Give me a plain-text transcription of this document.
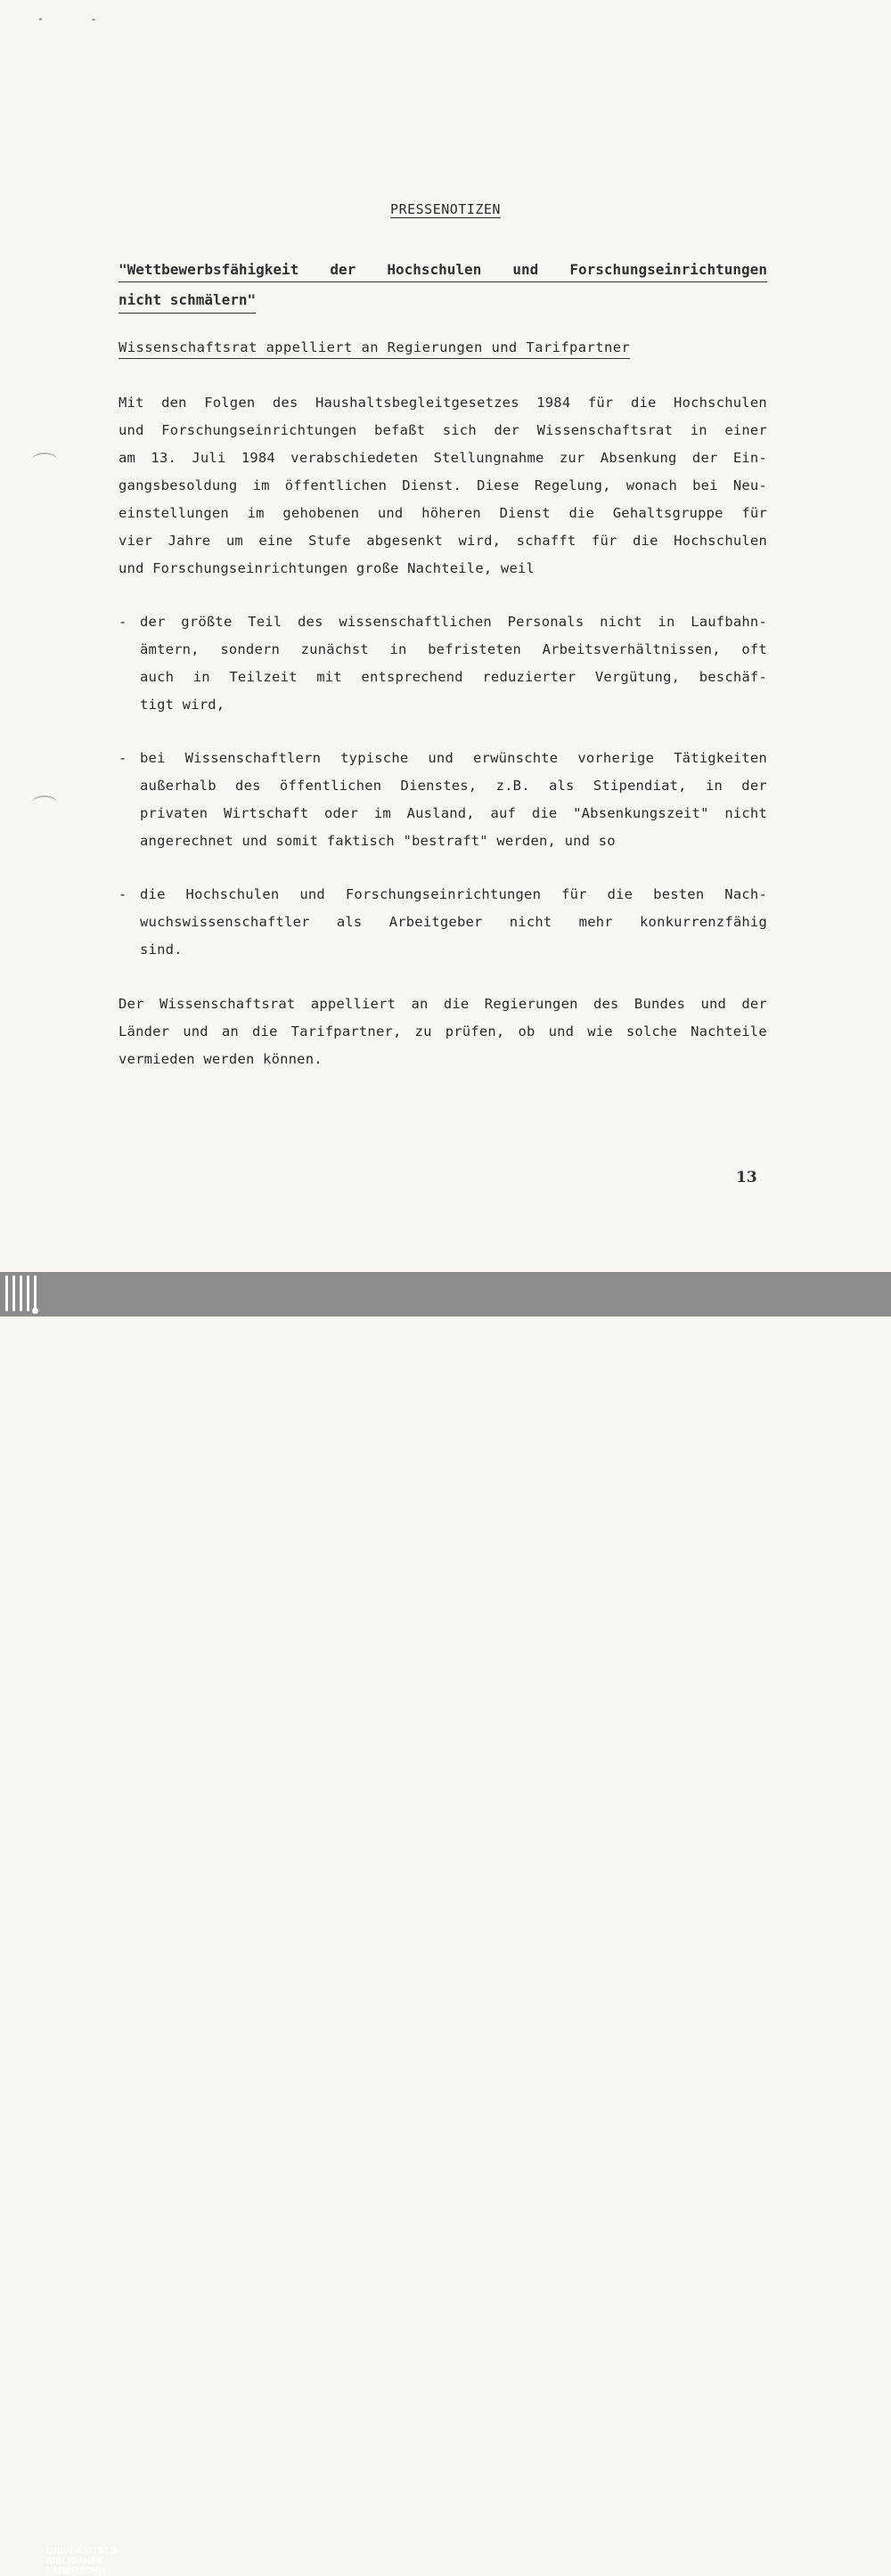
PRESSENOTIZEN
"Wettbewerbsfähigkeit der Hochschulen und Forschungseinrichtungen
nicht schmälern"
Wissenschaftsrat appelliert an Regierungen und Tarifpartner
Mit den Folgen des Haushaltsbegleitgesetzes 1984 für die Hochschulen
und Forschungseinrichtungen befaßt sich der Wissenschaftsrat in einer
am 13. Juli 1984 verabschiedeten Stellungnahme zur Absenkung der Ein-
gangsbesoldung im öffentlichen Dienst. Diese Regelung, wonach bei Neu-
einstellungen im gehobenen und höheren Dienst die Gehaltsgruppe für
vier Jahre um eine Stufe abgesenkt wird, schafft für die Hochschulen
und Forschungseinrichtungen große Nachteile, weil
- der größte Teil des wissenschaftlichen Personals nicht in Laufbahn-
ämtern, sondern zunächst in befristeten Arbeitsverhältnissen, oft
auch in Teilzeit mit entsprechend reduzierter Vergütung, beschäf-
tigt wird,
- bei Wissenschaftlern typische und erwünschte vorherige Tätigkeiten
außerhalb des öffentlichen Dienstes, z.B. als Stipendiat, in der
privaten Wirtschaft oder im Ausland, auf die "Absenkungszeit" nicht
angerechnet und somit faktisch "bestraft" werden, und so
- die Hochschulen und Forschungseinrichtungen für die besten Nach-
wuchswissenschaftler als Arbeitgeber nicht mehr konkurrenzfähig
sind.
Der Wissenschaftsrat appelliert an die Regierungen des Bundes und der
Länder und an die Tarifpartner, zu prüfen, ob und wie solche Nachteile
vermieden werden können.
13
UNIVERSITÄTS-
BIBLIOTHEK
PADERBORN
